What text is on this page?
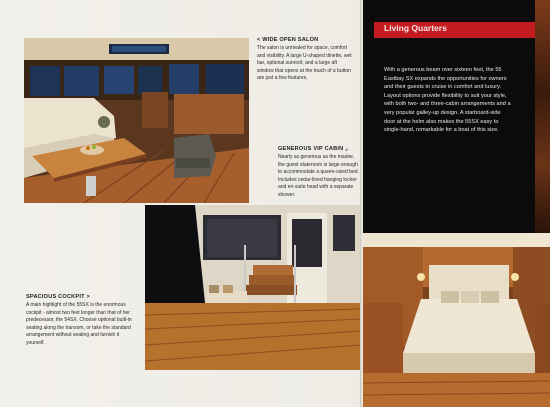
< WIDE OPEN SALON

The salon is unrivaled for space, comfort and visibility. A large U-shaped dinette, wet bar, optional sunroof, and a large aft window that opens at the touch of a button are just a few features.

GENEROUS VIP CABIN ⌟

Nearly as generous as the master, the guest stateroom is large enough to accommodate a queen-sized bed. Includes cedar-lined hanging locker and en-suite head with a separate shower.

SPACIOUS COCKPIT >

A main highlight of the 55SX is the enormous cockpit - almost two feet longer than that of her predecessor, the 54SX. Choose optional built-in seating along the transom, or take the standard arrangement without seating and furnish it yourself.

Living Quarters
With a generous beam over sixteen feet, the 55 Eastbay SX expands the opportunities for owners and their guests to cruise in comfort and luxury. Layout options provide flexibility to suit your style, with both two- and three-cabin arrangements and a very popular galley-up design. A starboard-side door at the helm also makes the 55SX easy to single-hand, remarkable for a boat of this size.
